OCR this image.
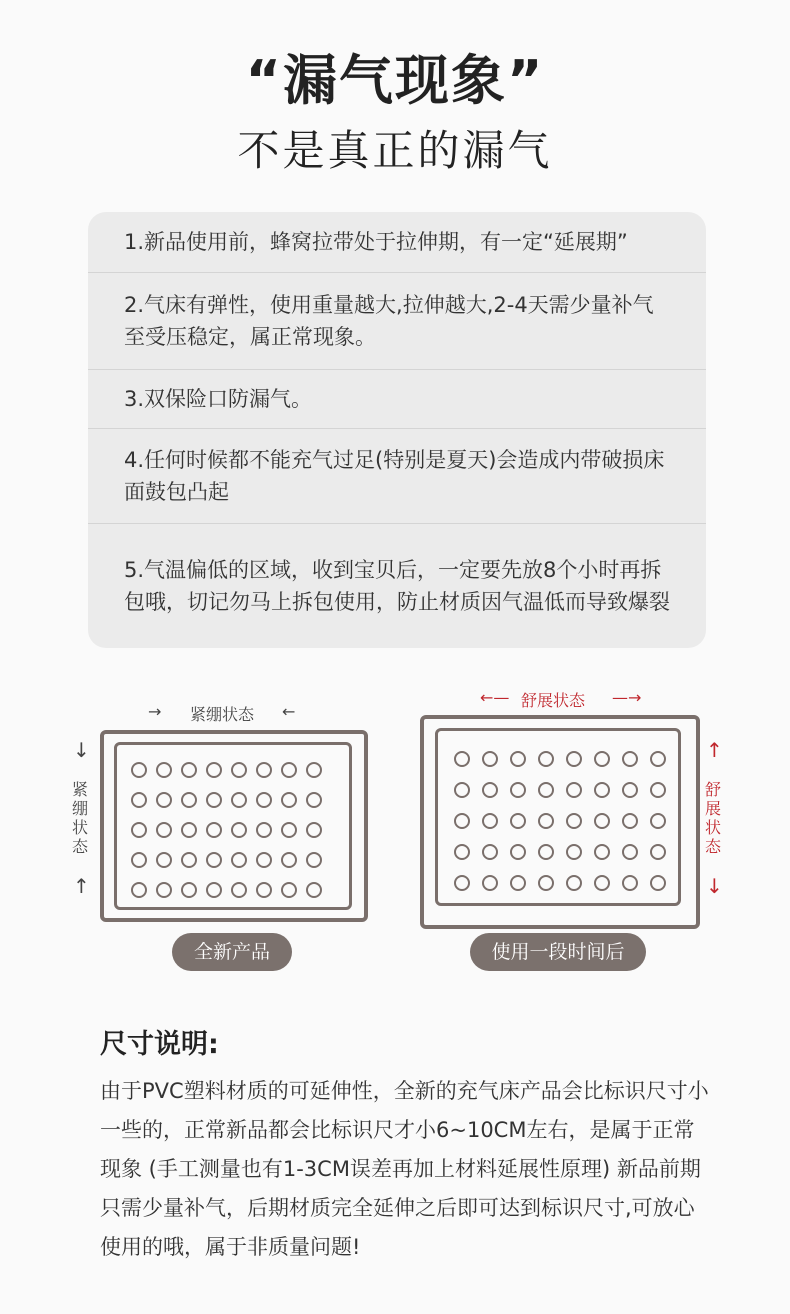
“漏气现象”
不是真正的漏气
1.新品使用前，蜂窝拉带处于拉伸期，有一定“延展期”
2.气床有弹性，使用重量越大,拉伸越大,2-4天需少量补气至受压稳定，属正常现象。
3.双保险口防漏气。
4.任何时候都不能充气过足(特别是夏天)会造成内带破损床面鼓包凸起
5.气温偏低的区域，收到宝贝后，一定要先放8个小时再拆包哦，切记勿马上拆包使用，防止材质因气温低而导致爆裂
→ 紧绷状态 ←
↓
紧绷状态
↑
全新产品
←— 舒展状态 —→
↑
舒展状态
↓
使用一段时间后
尺寸说明:
由于PVC塑料材质的可延伸性，全新的充气床产品会比标识尺寸小一些的，正常新品都会比标识尺才小6~10CM左右，是属于正常现象 (手工测量也有1-3CM误差再加上材料延展性原理) 新品前期只需少量补气，后期材质完全延伸之后即可达到标识尺寸,可放心使用的哦，属于非质量问题!
